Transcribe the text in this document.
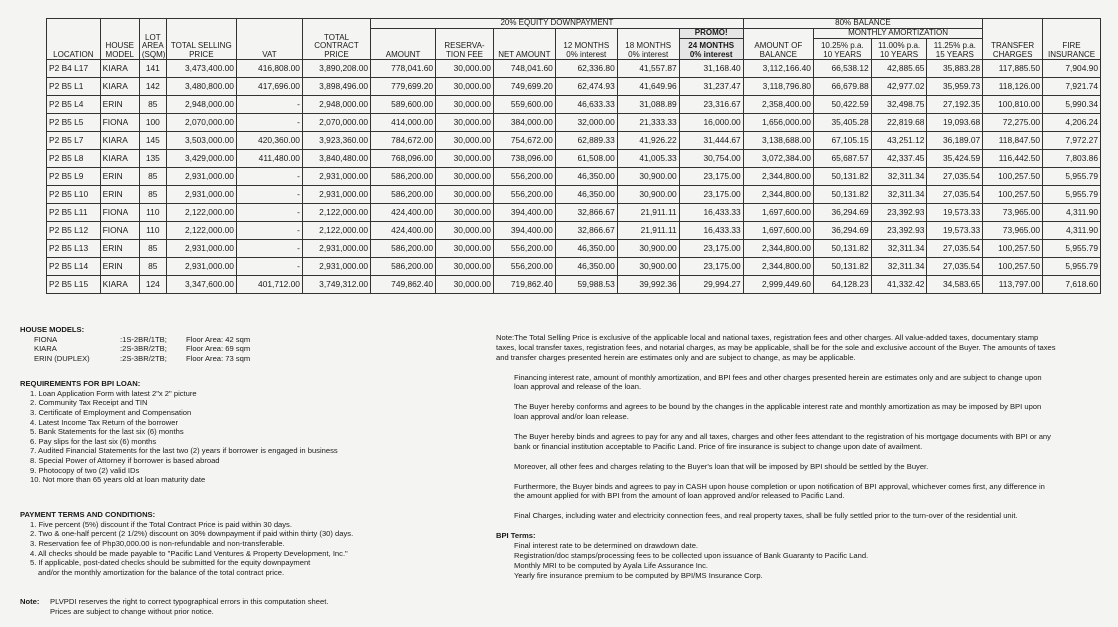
LOCATION	HOUSE MODEL	LOT AREA (SQM)	TOTAL SELLING PRICE	VAT	TOTAL CONTRACT PRICE	20% EQUITY DOWNPAYMENT						80% BALANCE				TRANSFER CHARGES	FIRE INSURANCE
						AMOUNT	RESERVA- TION FEE	NET AMOUNT	12 MONTHS 0% interest	18 MONTHS 0% interest	PROMO!	AMOUNT OF BALANCE	MONTHLY AMORTIZATION				
											24 MONTHS 0% interest		10.25% p.a. 10 YEARS	11.00% p.a. 10 YEARS	11.25% p.a. 15 YEARS		
P2 B4 L17	KIARA	141	3,473,400.00	416,808.00	3,890,208.00	778,041.60	30,000.00	748,041.60	62,336.80	41,557.87	31,168.40	3,112,166.40	66,538.12	42,885.65	35,883.28	117,885.50	7,904.90
P2 B5 L1	KIARA	142	3,480,800.00	417,696.00	3,898,496.00	779,699.20	30,000.00	749,699.20	62,474.93	41,649.96	31,237.47	3,118,796.80	66,679.88	42,977.02	35,959.73	118,126.00	7,921.74
P2 B5 L4	ERIN	85	2,948,000.00	-	2,948,000.00	589,600.00	30,000.00	559,600.00	46,633.33	31,088.89	23,316.67	2,358,400.00	50,422.59	32,498.75	27,192.35	100,810.00	5,990.34
P2 B5 L5	FIONA	100	2,070,000.00	-	2,070,000.00	414,000.00	30,000.00	384,000.00	32,000.00	21,333.33	16,000.00	1,656,000.00	35,405.28	22,819.68	19,093.68	72,275.00	4,206.24
P2 B5 L7	KIARA	145	3,503,000.00	420,360.00	3,923,360.00	784,672.00	30,000.00	754,672.00	62,889.33	41,926.22	31,444.67	3,138,688.00	67,105.15	43,251.12	36,189.07	118,847.50	7,972.27
P2 B5 L8	KIARA	135	3,429,000.00	411,480.00	3,840,480.00	768,096.00	30,000.00	738,096.00	61,508.00	41,005.33	30,754.00	3,072,384.00	65,687.57	42,337.45	35,424.59	116,442.50	7,803.86
P2 B5 L9	ERIN	85	2,931,000.00	-	2,931,000.00	586,200.00	30,000.00	556,200.00	46,350.00	30,900.00	23,175.00	2,344,800.00	50,131.82	32,311.34	27,035.54	100,257.50	5,955.79
P2 B5 L10	ERIN	85	2,931,000.00	-	2,931,000.00	586,200.00	30,000.00	556,200.00	46,350.00	30,900.00	23,175.00	2,344,800.00	50,131.82	32,311.34	27,035.54	100,257.50	5,955.79
P2 B5 L11	FIONA	110	2,122,000.00	-	2,122,000.00	424,400.00	30,000.00	394,400.00	32,866.67	21,911.11	16,433.33	1,697,600.00	36,294.69	23,392.93	19,573.33	73,965.00	4,311.90
P2 B5 L12	FIONA	110	2,122,000.00	-	2,122,000.00	424,400.00	30,000.00	394,400.00	32,866.67	21,911.11	16,433.33	1,697,600.00	36,294.69	23,392.93	19,573.33	73,965.00	4,311.90
P2 B5 L13	ERIN	85	2,931,000.00	-	2,931,000.00	586,200.00	30,000.00	556,200.00	46,350.00	30,900.00	23,175.00	2,344,800.00	50,131.82	32,311.34	27,035.54	100,257.50	5,955.79
P2 B5 L14	ERIN	85	2,931,000.00	-	2,931,000.00	586,200.00	30,000.00	556,200.00	46,350.00	30,900.00	23,175.00	2,344,800.00	50,131.82	32,311.34	27,035.54	100,257.50	5,955.79
P2 B5 L15	KIARA	124	3,347,600.00	401,712.00	3,749,312.00	749,862.40	30,000.00	719,862.40	59,988.53	39,992.36	29,994.27	2,999,449.60	64,128.23	41,332.42	34,583.65	113,797.00	7,618.60
HOUSE MODELS:
FIONA	:1S-2BR/1TB;	Floor Area: 42 sqm
KIARA	:2S-3BR/2TB;	Floor Area: 69 sqm
ERIN (DUPLEX)	:2S-3BR/2TB;	Floor Area: 73 sqm
REQUIREMENTS FOR BPI LOAN:
1. Loan Application Form with latest 2"x 2" picture
2. Community Tax Receipt and TIN
3. Certificate of Employment and Compensation
4. Latest Income Tax Return of the borrower
5. Bank Statements for the last six (6) months
6. Pay slips for the last six (6) months
7. Audited Financial Statements for the last two (2) years if borrower is engaged in business
8. Special Power of Attorney if borrower is based abroad
9. Photocopy of two (2) valid IDs
10. Not more than 65 years old at loan maturity date
PAYMENT TERMS AND CONDITIONS:
1. Five percent (5%) discount if the Total Contract Price is paid within 30 days.
2. Two & one-half percent (2 1/2%) discount on 30% downpayment if paid within thirty (30) days.
3. Reservation fee of Php30,000.00 is non-refundable and non-transferable.
4. All checks should be made payable to "Pacific Land Ventures & Property Development, Inc."
5. If applicable, post-dated checks should be submitted for the equity downpayment
and/or the monthly amortization for the balance of the total contract price.
Note:	PLVPDI reserves the right to correct typographical errors in this computation sheet.
Prices are subject to change without prior notice.

Note:The Total Selling Price is exclusive of the applicable local and national taxes, registration fees and other charges. All value-added taxes, documentary stamp taxes, local transfer taxes, registration fees, and notarial charges, as may be applicable, shall be for the sole and exclusive account of the Buyer. The amounts of taxes and transfer charges presented herein are estimates only and are subject to change, as may be applicable.

Financing interest rate, amount of monthly amortization, and BPI fees and other charges presented herein are estimates only and are subject to change upon loan approval and release of the loan.

The Buyer hereby conforms and agrees to be bound by the changes in the applicable interest rate and monthly amortization as may be imposed by BPI upon loan approval and/or loan release.

The Buyer hereby binds and agrees to pay for any and all taxes, charges and other fees attendant to the registration of his mortgage documents with BPI or any bank or financial institution acceptable to Pacific Land. Price of fire insurance is subject to change upon date of availment.

Moreover, all other fees and charges relating to the Buyer's loan that will be imposed by BPI should be settled by the Buyer.

Furthermore, the Buyer binds and agrees to pay in CASH upon house completion or upon notification of BPI approval, whichever comes first, any difference in the amount applied for with BPI from the amount of loan approved and/or released to Pacific Land.

Final Charges, including water and electricity connection fees, and real property taxes, shall be fully settled prior to the turn-over of the residential unit.

BPI Terms:
Final interest rate to be determined on drawdown date.
Registration/doc stamps/processing fees to be collected upon issuance of Bank Guaranty to Pacific Land.
Monthly MRI to be computed by Ayala Life Assurance Inc.
Yearly fire insurance premium to be computed by BPI/MS Insurance Corp.
